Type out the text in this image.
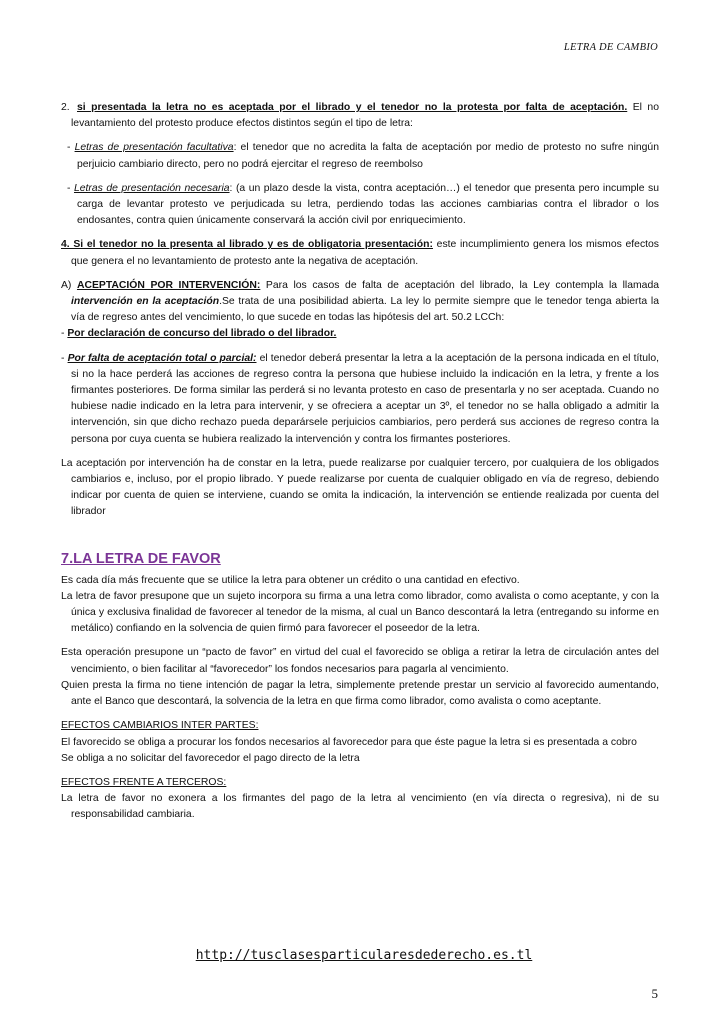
LETRA DE CAMBIO

2. si presentada la letra no es aceptada por el librado y el tenedor no la protesta por falta de aceptación. El no levantamiento del protesto produce efectos distintos según el tipo de letra:

- Letras de presentación facultativa: el tenedor que no acredita la falta de aceptación por medio de protesto no sufre ningún perjuicio cambiario directo, pero no podrá ejercitar el regreso de reembolso

- Letras de presentación necesaria: (a un plazo desde la vista, contra aceptación…) el tenedor que presenta pero incumple su carga de levantar protesto ve perjudicada su letra, perdiendo todas las acciones cambiarias contra el librador o los endosantes, contra quien únicamente conservará la acción civil por enriquecimiento.

4. Si el tenedor no la presenta al librado y es de obligatoria presentación: este incumplimiento genera los mismos efectos que genera el no levantamiento de protesto ante la negativa de aceptación.

A) ACEPTACIÓN POR INTERVENCIÓN: Para los casos de falta de aceptación del librado, la Ley contempla la llamada intervención en la aceptación.Se trata de una posibilidad abierta. La ley lo permite siempre que le tenedor tenga abierta la vía de regreso antes del vencimiento, lo que sucede en todas las hipótesis del art. 50.2 LCCh:

- Por declaración de concurso del librado o del librador.

- Por falta de aceptación total o parcial: el tenedor deberá presentar la letra a la aceptación de la persona indicada en el título, si no la hace perderá las acciones de regreso contra la persona que hubiese incluido la indicación en la letra, y frente a los firmantes posteriores. De forma similar las perderá si no levanta protesto en caso de presentarla y no ser aceptada. Cuando no hubiese nadie indicado en la letra para intervenir, y se ofreciera a aceptar un 3º, el tenedor no se halla obligado a admitir la intervención, sin que dicho rechazo pueda deparársele perjuicios cambiarios, pero perderá sus acciones de regreso contra la persona por cuya cuenta se hubiera realizado la intervención y contra los firmantes posteriores.

La aceptación por intervención ha de constar en la letra, puede realizarse por cualquier tercero, por cualquiera de los obligados cambiarios e, incluso, por el propio librado. Y puede realizarse por cuenta de cualquier obligado en vía de regreso, debiendo indicar por cuenta de quien se interviene, cuando se omita la indicación, la intervención se entiende realizada por cuenta del librador

7.LA LETRA DE FAVOR

Es cada día más frecuente que se utilice la letra para obtener un crédito o una cantidad en efectivo.

La letra de favor presupone que un sujeto incorpora su firma a una letra como librador, como avalista o como aceptante, y con la única y exclusiva finalidad de favorecer al tenedor de la misma, al cual un Banco descontará la letra (entregando su informe en metálico) confiando en la solvencia de quien firmó para favorecer el poseedor de la letra.

Esta operación presupone un “pacto de favor” en virtud del cual el favorecido se obliga a retirar la letra de circulación antes del vencimiento, o bien facilitar al “favorecedor” los fondos necesarios para pagarla al vencimiento.

Quien presta la firma no tiene intención de pagar la letra, simplemente pretende prestar un servicio al favorecido aumentando, ante el Banco que descontará, la solvencia de la letra en que firma como librador, como avalista o como aceptante.

EFECTOS CAMBIARIOS INTER PARTES:

El favorecido se obliga a procurar los fondos necesarios al favorecedor para que éste pague la letra si es presentada a cobro

Se obliga a no solicitar del favorecedor el pago directo de la letra

EFECTOS FRENTE A TERCEROS:

La letra de favor no exonera a los firmantes del pago de la letra al vencimiento (en vía directa o regresiva), ni de su responsabilidad cambiaria.

http://tusclasesparticularesdederecho.es.tl
5
